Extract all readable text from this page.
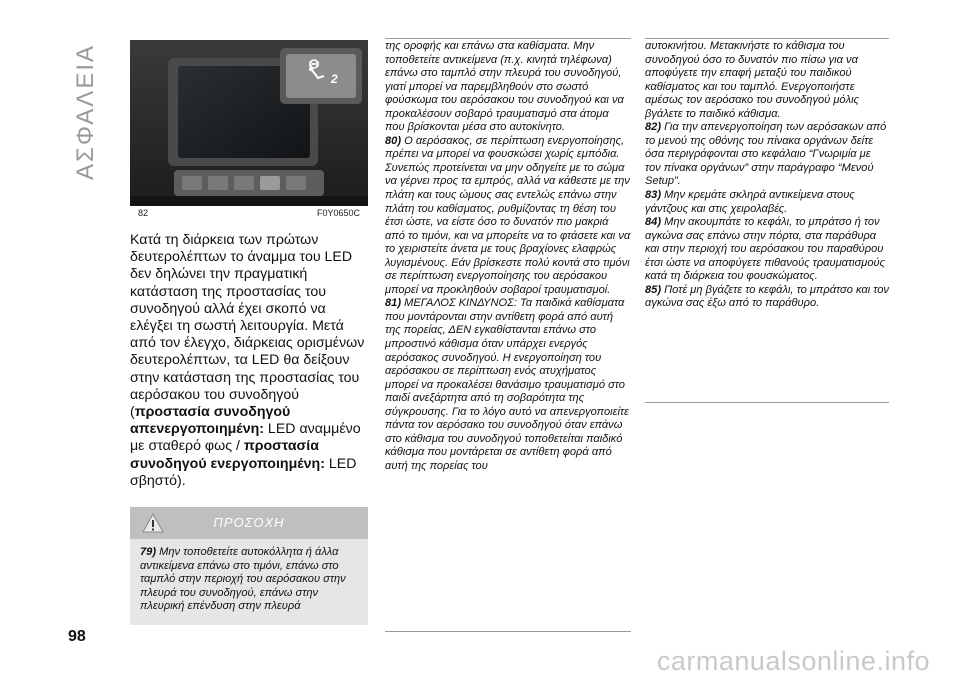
ΑΣΦΑΛΕΙΑ	2
82	F0Y0650C
Κατά τη διάρκεια των πρώτων δευτερολέπτων το άναμμα του LED δεν δηλώνει την πραγματική κατάσταση της προστασίας του συνοδηγού αλλά έχει σκοπό να ελέγξει τη σωστή λειτουργία. Μετά από τον έλεγχο, διάρκειας ορισμένων δευτερολέπτων, τα LED θα δείξουν στην κατάσταση της προστασίας του αερόσακου του συνοδηγού (προστασία συνοδηγού απενεργοποιημένη: LED αναμμένο με σταθερό φως / προστασία συνοδηγού ενεργοποιημένη: LED σβηστό).
ΠΡΟΣΟΧΗ
79) Μην τοποθετείτε αυτοκόλλητα ή άλλα αντικείμενα επάνω στο τιμόνι, επάνω στο ταμπλό στην περιοχή του αερόσακου στην πλευρά του συνοδηγού, επάνω στην πλευρική επένδυση στην πλευρά
της οροφής και επάνω στα καθίσματα. Μην τοποθετείτε αντικείμενα (π.χ. κινητά τηλέφωνα) επάνω στο ταμπλό στην πλευρά του συνοδηγού, γιατί μπορεί να παρεμβληθούν στο σωστό φούσκωμα του αερόσακου του συνοδηγού και να προκαλέσουν σοβαρό τραυματισμό στα άτομα που βρίσκονται μέσα στο αυτοκίνητο.
80) Ο αερόσακος, σε περίπτωση ενεργοποίησης, πρέπει να μπορεί να φουσκώσει χωρίς εμπόδια. Συνεπώς προτείνεται να μην οδηγείτε με το σώμα να γέρνει προς τα εμπρός, αλλά να κάθεστε με την πλάτη και τους ώμους σας εντελώς επάνω στην πλάτη του καθίσματος, ρυθμίζοντας τη θέση του έτσι ώστε, να είστε όσο το δυνατόν πιο μακριά από το τιμόνι, και να μπορείτε να το φτάσετε και να το χειριστείτε άνετα με τους βραχίονες ελαφρώς λυγισμένους. Εάν βρίσκεστε πολύ κοντά στο τιμόνι σε περίπτωση ενεργοποίησης του αερόσακου μπορεί να προκληθούν σοβαροί τραυματισμοί.
81) ΜΕΓΑΛΟΣ ΚΙΝΔΥΝΟΣ: Τα παιδικά καθίσματα που μοντάρονται στην αντίθετη φορά από αυτή της πορείας, ΔΕΝ εγκαθίστανται επάνω στο μπροστινό κάθισμα όταν υπάρχει ενεργός αερόσακος συνοδηγού. Η ενεργοποίηση του αερόσακου σε περίπτωση ενός ατυχήματος μπορεί να προκαλέσει θανάσιμο τραυματισμό στο παιδί ανεξάρτητα από τη σοβαρότητα της σύγκρουσης. Για το λόγο αυτό να απενεργοποιείτε πάντα τον αερόσακο του συνοδηγού όταν επάνω στο κάθισμα του συνοδηγού τοποθετείται παιδικό κάθισμα που μοντάρεται σε αντίθετη φορά από αυτή της πορείας του
αυτοκινήτου. Μετακινήστε το κάθισμα του συνοδηγού όσο το δυνατόν πιο πίσω για να αποφύγετε την επαφή μεταξύ του παιδικού καθίσματος και του ταμπλό. Ενεργοποιήστε αμέσως τον αερόσακο του συνοδηγού μόλις βγάλετε το παιδικό κάθισμα.
82) Για την απενεργοποίηση των αερόσακων από το μενού της οθόνης του πίνακα οργάνων δείτε όσα περιγράφονται στο κεφάλαιο “Γνωριμία με τον πίνακα οργάνων” στην παράγραφο “Μενού Setup”.
83) Μην κρεμάτε σκληρά αντικείμενα στους γάντζους και στις χειρολαβές.
84) Μην ακουμπάτε το κεφάλι, το μπράτσο ή τον αγκώνα σας επάνω στην πόρτα, στα παράθυρα και στην περιοχή του αερόσακου του παραθύρου έτσι ώστε να αποφύγετε πιθανούς τραυματισμούς κατά τη διάρκεια του φουσκώματος.
85) Ποτέ μη βγάζετε το κεφάλι, το μπράτσο και τον αγκώνα σας έξω από το παράθυρο.
98
carmanualsonline.info
